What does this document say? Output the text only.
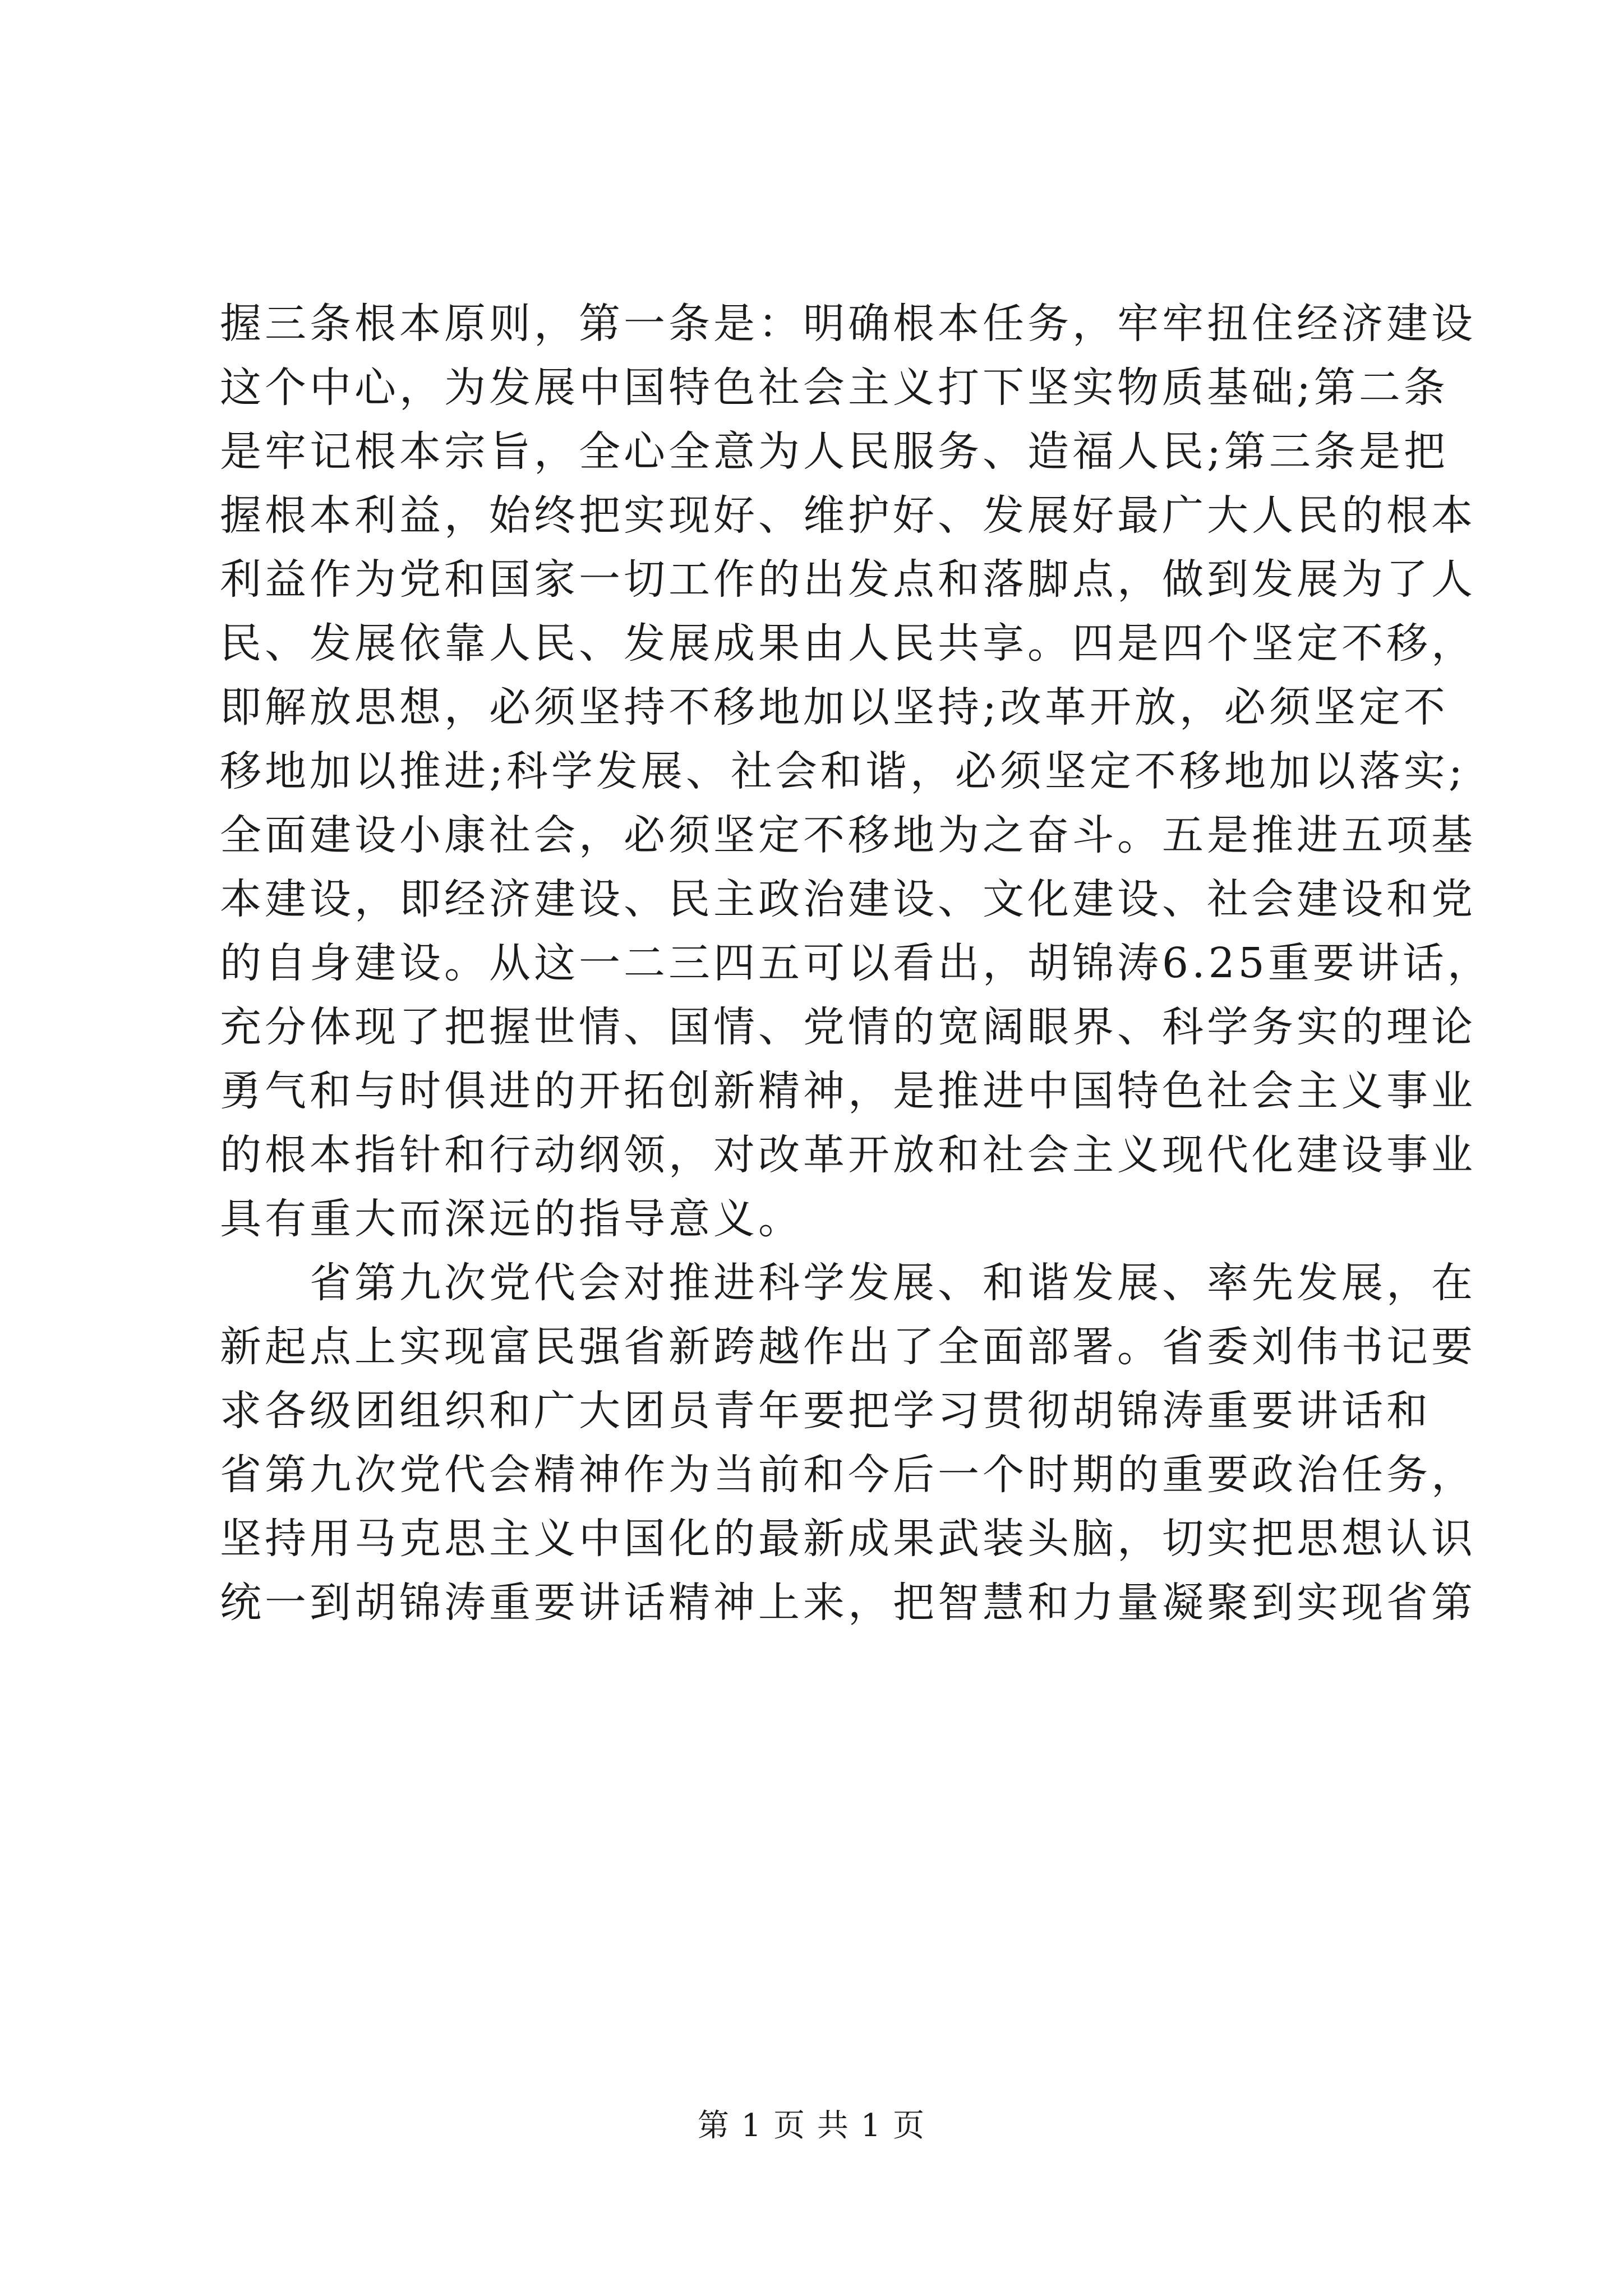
握三条根本原则，第一条是：明确根本任务，牢牢扭住经济建设
这个中心，为发展中国特色社会主义打下坚实物质基础;第二条
是牢记根本宗旨，全心全意为人民服务、造福人民;第三条是把
握根本利益，始终把实现好、维护好、发展好最广大人民的根本
利益作为党和国家一切工作的出发点和落脚点，做到发展为了人
民、发展依靠人民、发展成果由人民共享。四是四个坚定不移，
即解放思想，必须坚持不移地加以坚持;改革开放，必须坚定不
移地加以推进;科学发展、社会和谐，必须坚定不移地加以落实;
全面建设小康社会，必须坚定不移地为之奋斗。五是推进五项基
本建设，即经济建设、民主政治建设、文化建设、社会建设和党
的自身建设。从这一二三四五可以看出，胡锦涛6.25重要讲话，
充分体现了把握世情、国情、党情的宽阔眼界、科学务实的理论
勇气和与时俱进的开拓创新精神，是推进中国特色社会主义事业
的根本指针和行动纲领，对改革开放和社会主义现代化建设事业
具有重大而深远的指导意义。
省第九次党代会对推进科学发展、和谐发展、率先发展，在
新起点上实现富民强省新跨越作出了全面部署。省委刘伟书记要
求各级团组织和广大团员青年要把学习贯彻胡锦涛重要讲话和
省第九次党代会精神作为当前和今后一个时期的重要政治任务，
坚持用马克思主义中国化的最新成果武装头脑，切实把思想认识
统一到胡锦涛重要讲话精神上来，把智慧和力量凝聚到实现省第
第 1 页 共 1 页
